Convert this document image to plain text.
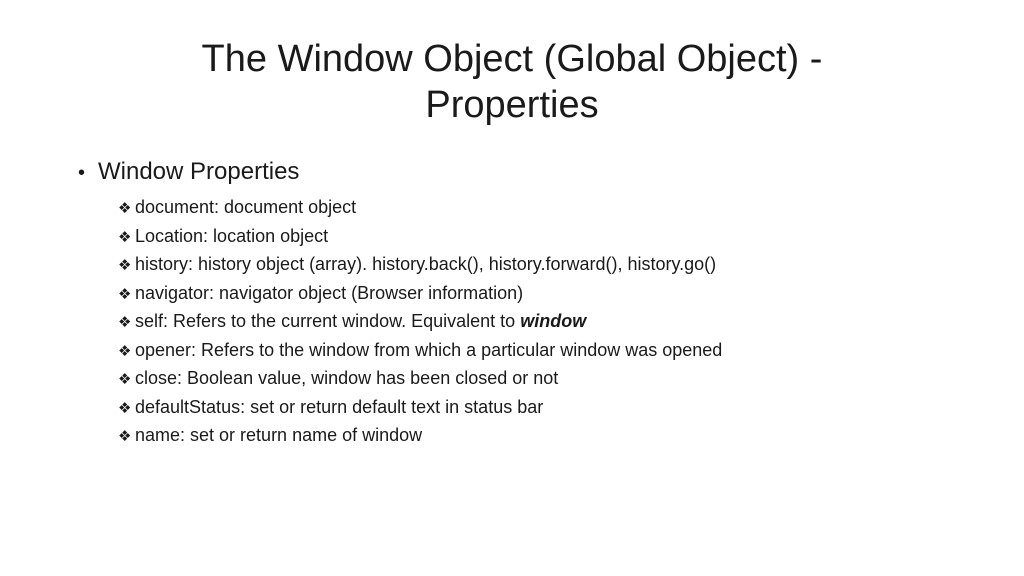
The Window Object (Global Object) -
Properties
• Window Properties
❖ document: document object
❖ Location: location object
❖ history: history object (array). history.back(), history.forward(), history.go()
❖ navigator: navigator object (Browser information)
❖ self: Refers to the current window. Equivalent to window
❖ opener: Refers to the window from which a particular window was opened
❖ close: Boolean value, window has been closed or not
❖ defaultStatus: set or return default text in status bar
❖ name: set or return name of window
